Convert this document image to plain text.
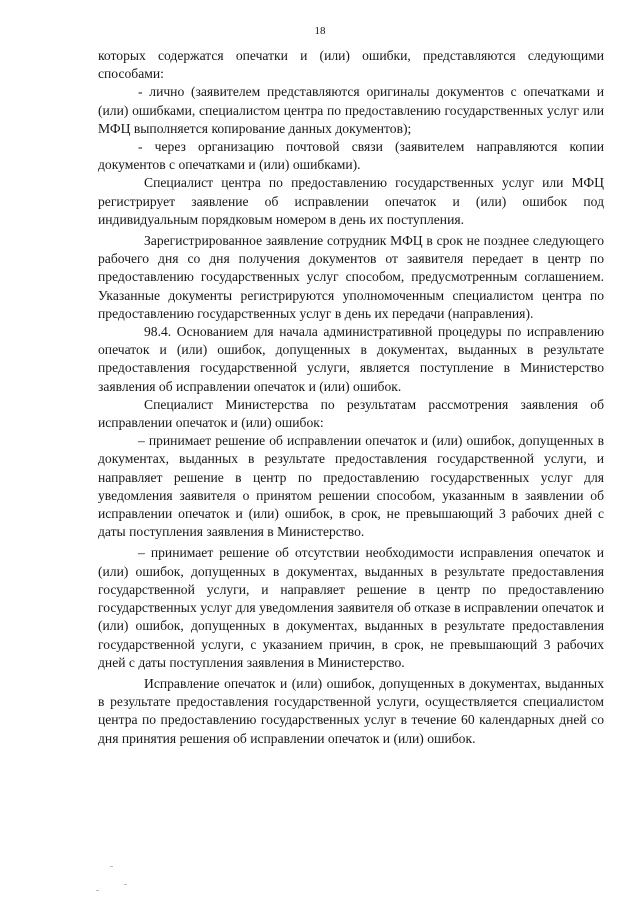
18

которых содержатся опечатки и (или) ошибки, представляются следующими способами:

- лично (заявителем представляются оригиналы документов с опечатками и (или) ошибками, специалистом центра по предоставлению государственных услуг или МФЦ выполняется копирование данных документов);

- через организацию почтовой связи (заявителем направляются копии документов с опечатками и (или) ошибками).

Специалист центра по предоставлению государственных услуг или МФЦ регистрирует заявление об исправлении опечаток и (или) ошибок под индивидуальным порядковым номером в день их поступления.

Зарегистрированное заявление сотрудник МФЦ в срок не позднее следующего рабочего дня со дня получения документов от заявителя передает в центр по предоставлению государственных услуг способом, предусмотренным соглашением. Указанные документы регистрируются уполномоченным специалистом центра по предоставлению государственных услуг в день их передачи (направления).

98.4. Основанием для начала административной процедуры по исправлению опечаток и (или) ошибок, допущенных в документах, выданных в результате предоставления государственной услуги, является поступление в Министерство заявления об исправлении опечаток и (или) ошибок.

Специалист Министерства по результатам рассмотрения заявления об исправлении опечаток и (или) ошибок:

– принимает решение об исправлении опечаток и (или) ошибок, допущенных в документах, выданных в результате предоставления государственной услуги, и направляет решение в центр по предоставлению государственных услуг для уведомления заявителя о принятом решении способом, указанным в заявлении об исправлении опечаток и (или) ошибок, в срок, не превышающий 3 рабочих дней с даты поступления заявления в Министерство.

– принимает решение об отсутствии необходимости исправления опечаток и (или) ошибок, допущенных в документах, выданных в результате предоставления государственной услуги, и направляет решение в центр по предоставлению государственных услуг для уведомления заявителя об отказе в исправлении опечаток и (или) ошибок, допущенных в документах, выданных в результате предоставления государственной услуги, с указанием причин, в срок, не превышающий 3 рабочих дней с даты поступления заявления в Министерство.

Исправление опечаток и (или) ошибок, допущенных в документах, выданных в результате предоставления государственной услуги, осуществляется специалистом центра по предоставлению государственных услуг в течение 60 календарных дней со дня принятия решения об исправлении опечаток и (или) ошибок.
